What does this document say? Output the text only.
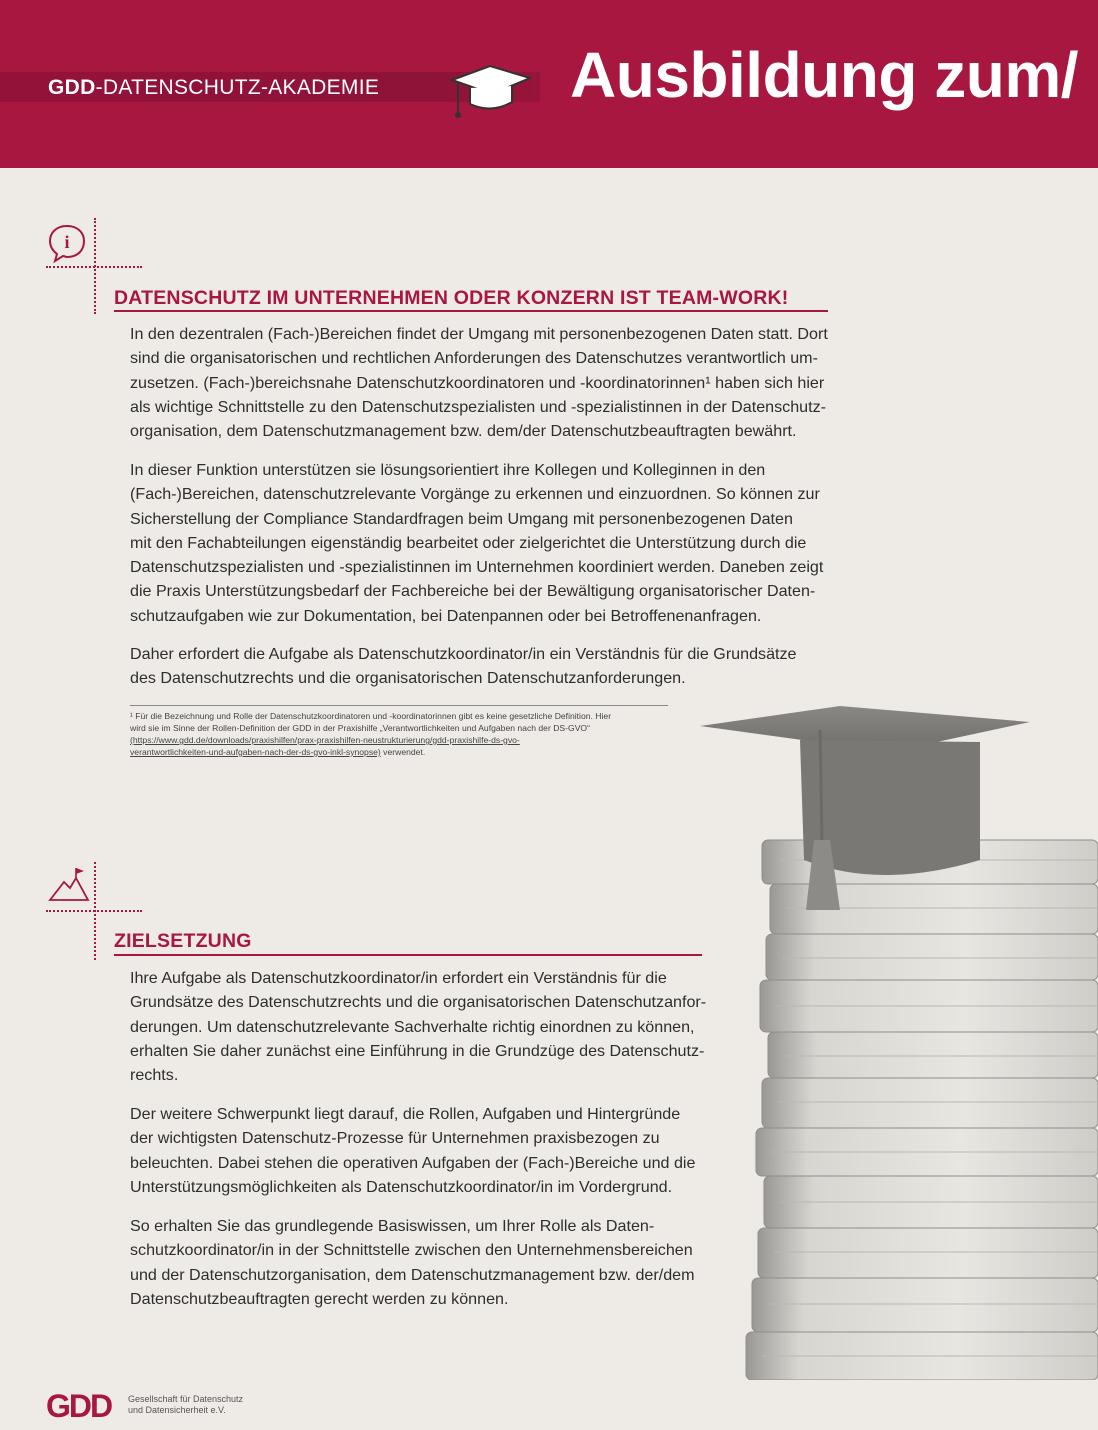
GDD-DATENSCHUTZ-AKADEMIE	Ausbildung zum/
i
DATENSCHUTZ IM UNTERNEHMEN ODER KONZERN IST TEAM-WORK!

In den dezentralen (Fach-)Bereichen findet der Umgang mit personenbezogenen Daten statt. Dort
sind die organisatorischen und rechtlichen Anforderungen des Datenschutzes verantwortlich um-
zusetzen. (Fach-)bereichsnahe Datenschutzkoordinatoren und -koordinatorinnen¹ haben sich hier
als wichtige Schnittstelle zu den Datenschutzspezialisten und -spezialistinnen in der Datenschutz-
organisation, dem Datenschutzmanagement bzw. dem/der Datenschutzbeauftragten bewährt.

In dieser Funktion unterstützen sie lösungsorientiert ihre Kollegen und Kolleginnen in den
(Fach-)Bereichen, datenschutzrelevante Vorgänge zu erkennen und einzuordnen. So können zur
Sicherstellung der Compliance Standardfragen beim Umgang mit personenbezogenen Daten
mit den Fachabteilungen eigenständig bearbeitet oder zielgerichtet die Unterstützung durch die
Datenschutzspezialisten und -spezialistinnen im Unternehmen koordiniert werden. Daneben zeigt
die Praxis Unterstützungsbedarf der Fachbereiche bei der Bewältigung organisatorischer Daten-
schutzaufgaben wie zur Dokumentation, bei Datenpannen oder bei Betroffenenanfragen.

Daher erfordert die Aufgabe als Datenschutzkoordinator/in ein Verständnis für die Grundsätze
des Datenschutzrechts und die organisatorischen Datenschutzanforderungen.

¹ Für die Bezeichnung und Rolle der Datenschutzkoordinatoren und -koordinatorinnen gibt es keine gesetzliche Definition. Hier
wird sie im Sinne der Rollen-Definition der GDD in der Praxishilfe „Verantwortlichkeiten und Aufgaben nach der DS-GVO“
(https://www.gdd.de/downloads/praxishilfen/prax-praxishilfen-neustrukturierung/gdd-praxishilfe-ds-gvo-
verantwortlichkeiten-und-aufgaben-nach-der-ds-gvo-inkl-synopse) verwendet.

ZIELSETZUNG

Ihre Aufgabe als Datenschutzkoordinator/in erfordert ein Verständnis für die
Grundsätze des Datenschutzrechts und die organisatorischen Datenschutzanfor-
derungen. Um datenschutzrelevante Sachverhalte richtig einordnen zu können,
erhalten Sie daher zunächst eine Einführung in die Grundzüge des Datenschutz-
rechts.

Der weitere Schwerpunkt liegt darauf, die Rollen, Aufgaben und Hintergründe
der wichtigsten Datenschutz-Prozesse für Unternehmen praxisbezogen zu
beleuchten. Dabei stehen die operativen Aufgaben der (Fach-)Bereiche und die
Unterstützungsmöglichkeiten als Datenschutzkoordinator/in im Vordergrund.

So erhalten Sie das grundlegende Basiswissen, um Ihrer Rolle als Daten-
schutzkoordinator/in in der Schnittstelle zwischen den Unternehmensbereichen
und der Datenschutzorganisation, dem Datenschutzmanagement bzw. der/dem
Datenschutzbeauftragten gerecht werden zu können.

GDD Gesellschaft für Datenschutz
und Datensicherheit e.V.
